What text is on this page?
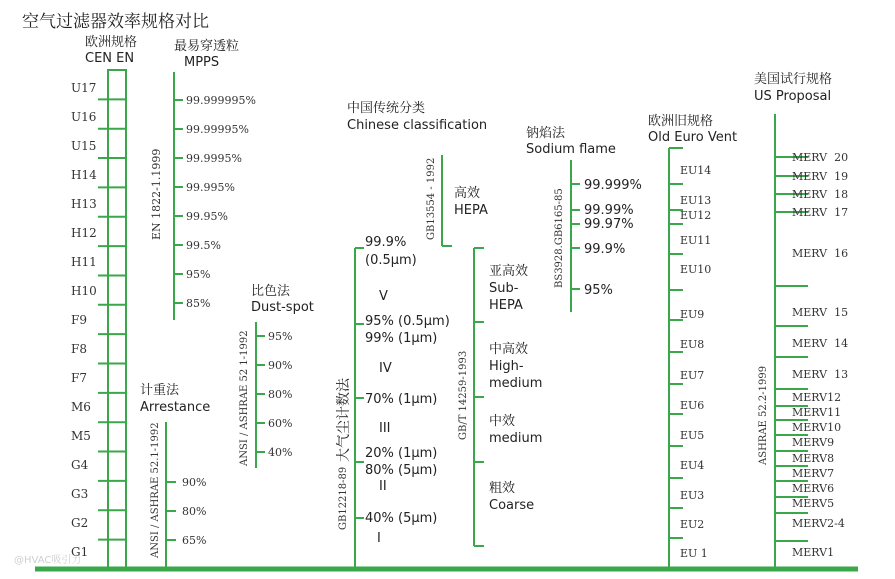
空气过滤器效率规格对比
欧洲规格
CEN EN
U17
U16
U15
H14
H13
H12
H11
H10
F9
F8
F7
M6
M5
G4
G3
G2
G1
最易穿透粒
MPPS
EN 1822-1.1999
99.999995%
99.99995%
99.9995%
99.995%
99.95%
99.5%
95%
85%
计重法
Arrestance
ANSI / ASHRAE 52.1-1992 90%
80%
65%
比色法
Dust-spot
ANSI / ASHRAE 52 1-1992 95%
90%
80%
60%
40%	大气尘计数法
GB12218-89
99.9%
(0.5μm)
V
95% (0.5μm)
99% (1μm)
IV
70% (1μm)
III
20% (1μm)
80% (5μm)
II
40% (5μm)
I
中国传统分类
Chinese classification
GB13554 - 1992 高效
HEPA
GB/T 14259-1993
亚高效
Sub-
HEPA
中高效
High-
medium
中效
medium
粗效
Coarse
钠焰法
Sodium flame
BS3928.GB6165-85
99.999%
99.99%
99.97%
99.9%
95%
欧洲旧规格
Old Euro Vent
EU14
EU13
EU12
EU11
EU10
EU9
EU8
EU7
EU6
EU5
EU4
EU3
EU2
EU 1
美国试行规格
US Proposal
ASHRAE 52.2-1999
MERV  20
MERV  19
MERV  18
MERV  17
MERV  16
MERV  15
MERV  14
MERV  13
MERV12
MERV11
MERV10
MERV9
MERV8
MERV7
MERV6
MERV5
MERV2-4
MERV1
@HVAC吸引力
